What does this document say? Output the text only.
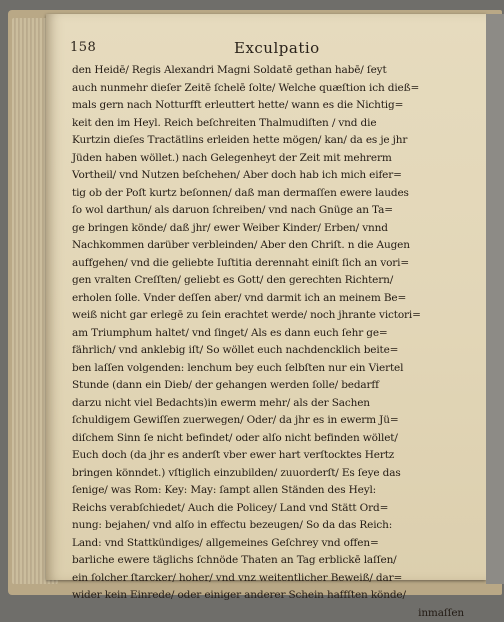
158	Exculpatio
den Heidē/ Regis Alexandri Magni Soldatē gethan habē/ ſeyt
auch nunmehr dieſer Zeitē ſchelē ſolte/ Welche quæſtion ich dieß=
mals gern nach Notturfft erleuttert hette/ wann es die Nichtig=
keit den im Heyl. Reich beſchreiten Thalmudiſten / vnd die
Kurtzin dieſes Tractätlins erleiden hette mögen/ kan/ da es je jhr
Jüden haben wöllet.) nach Gelegenheyt der Zeit mit mehrerm
Vortheil/ vnd Nutzen beſchehen/ Aber doch hab ich mich eifer=
tig ob der Poſt kurtz beſonnen/ daß man dermaſſen ewere laudes
ſo wol darthun/ als daruon ſchreiben/ vnd nach Gnüge an Ta=
ge bringen könde/ daß jhr/ ewer Weiber Kinder/ Erben/ vnnd
Nachkommen darüber verbleinden/ Aber den Chriſt. n die Augen
auffgehen/ vnd die geliebte Iuſtitia derennaht einiſt ſich an vori=
gen vralten Creſſten/ geliebt es Gott/ den gerechten Richtern/
erholen ſolle. Vnder deſſen aber/ vnd darmit ich an meinem Be=
weiß nicht gar erlegē zu ſein erachtet werde/ noch jhrante victori=
am Triumphum haltet/ vnd ſinget/ Als es dann euch ſehr ge=
fährlich/ vnd anklebig iſt/ So wöllet euch nachdencklich beite=
ben laſſen volgenden: lenchum bey euch ſelbſten nur ein Viertel
Stunde (dann ein Dieb/ der gehangen werden ſolle/ bedarff
darzu nicht viel Bedachts)in ewerm mehr/ als der Sachen
ſchuldigem Gewiſſen zuerwegen/ Oder/ da jhr es in ewerm Jü=
diſchem Sinn ſe nicht befindet/ oder alſo nicht befinden wöllet/
Euch doch (da jhr es anderſt vber ewer hart verſtocktes Hertz
bringen könndet.) vſtiglich einzubilden/ zuuorderſt/ Es ſeye das
ſenige/ was Rom: Key: May: ſampt allen Ständen des Heyl:
Reichs verabſchiedet/ Auch die Policey/ Land vnd Stätt Ord=
nung: bejahen/ vnd alſo in effectu bezeugen/ So da das Reich:
Land: vnd Stattkündiges/ allgemeines Geſchrey vnd offen=
barliche ewere täglichs ſchnöde Thaten an Tag erblickē laſſen/
ein ſolcher ſtarcker/ hoher/ vnd vnz weitentlicher Beweiß/ dar=
wider kein Einrede/ oder einiger anderer Schein haffſten könde/
inmaſſen
